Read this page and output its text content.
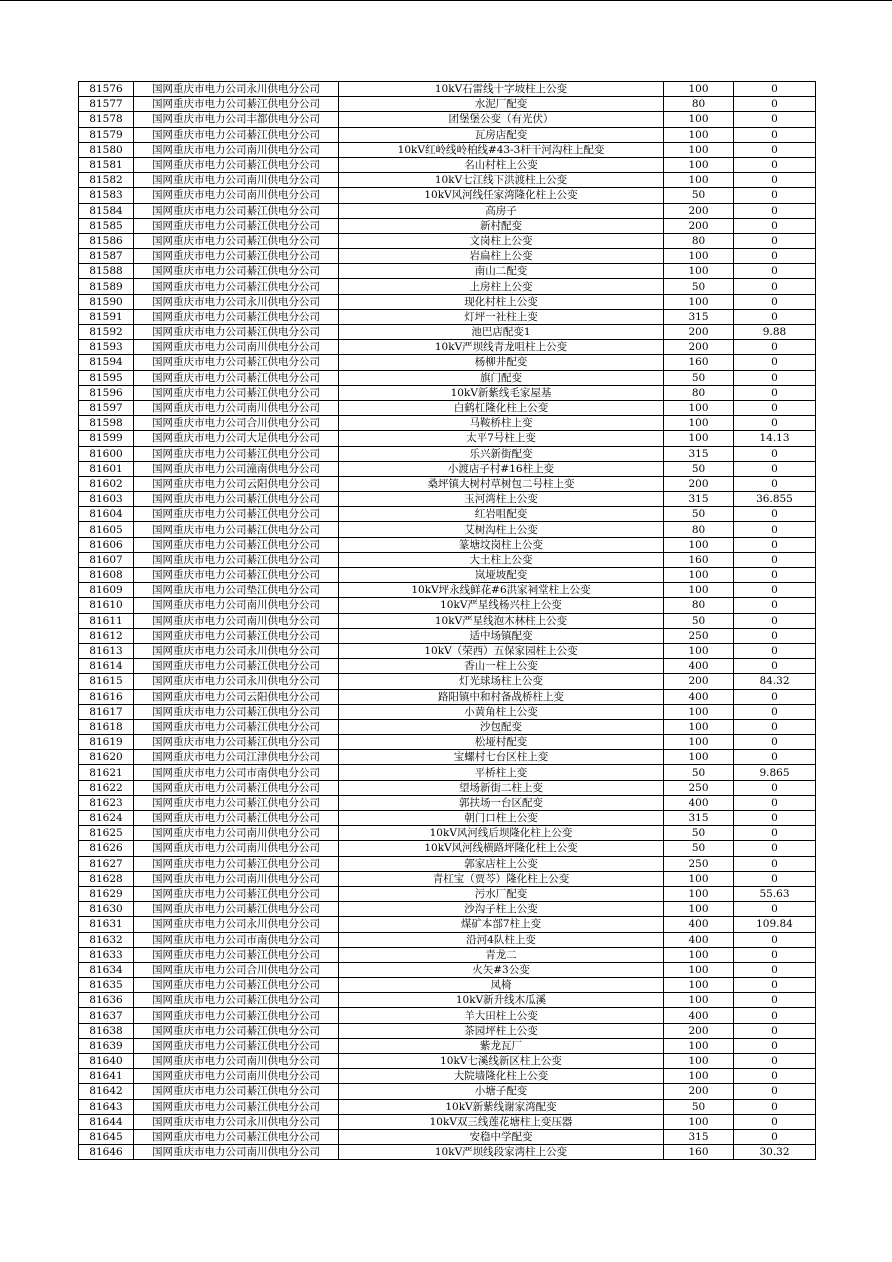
81576	国网重庆市电力公司永川供电分公司	10kV石雷线十字坡柱上公变	100	0
81577	国网重庆市电力公司綦江供电分公司	水泥厂配变	80	0
81578	国网重庆市电力公司丰都供电分公司	团堡堡公变（有光伏）	100	0
81579	国网重庆市电力公司綦江供电分公司	瓦房店配变	100	0
81580	国网重庆市电力公司南川供电分公司	10kV红岭线岭柏线#43-3杆干河沟柱上配变	100	0
81581	国网重庆市电力公司綦江供电分公司	名山村柱上公变	100	0
81582	国网重庆市电力公司南川供电分公司	10kV七江线下洪渡柱上公变	100	0
81583	国网重庆市电力公司南川供电分公司	10kV风河线任家湾隆化柱上公变	50	0
81584	国网重庆市电力公司綦江供电分公司	高房子	200	0
81585	国网重庆市电力公司綦江供电分公司	新村配变	200	0
81586	国网重庆市电力公司綦江供电分公司	文岗柱上公变	80	0
81587	国网重庆市电力公司綦江供电分公司	岩扁柱上公变	100	0
81588	国网重庆市电力公司綦江供电分公司	南山二配变	100	0
81589	国网重庆市电力公司綦江供电分公司	上房柱上公变	50	0
81590	国网重庆市电力公司永川供电分公司	现化村柱上公变	100	0
81591	国网重庆市电力公司綦江供电分公司	灯坪一社柱上变	315	0
81592	国网重庆市电力公司綦江供电分公司	池巴店配变1	200	9.88
81593	国网重庆市电力公司南川供电分公司	10kV严坝线青龙咀柱上公变	200	0
81594	国网重庆市电力公司綦江供电分公司	杨柳井配变	160	0
81595	国网重庆市电力公司綦江供电分公司	旗门配变	50	0
81596	国网重庆市电力公司綦江供电分公司	10kV新紫线毛家屋基	80	0
81597	国网重庆市电力公司南川供电分公司	白鹤杠隆化柱上公变	100	0
81598	国网重庆市电力公司合川供电分公司	马鞍桥柱上变	100	0
81599	国网重庆市电力公司大足供电分公司	太平7号柱上变	100	14.13
81600	国网重庆市电力公司綦江供电分公司	乐兴新街配变	315	0
81601	国网重庆市电力公司潼南供电分公司	小渡店子村#16柱上变	50	0
81602	国网重庆市电力公司云阳供电分公司	桑坪镇大树村草树包二号柱上变	200	0
81603	国网重庆市电力公司綦江供电分公司	玉河湾柱上公变	315	36.855
81604	国网重庆市电力公司綦江供电分公司	红岩咀配变	50	0
81605	国网重庆市电力公司綦江供电分公司	艾树沟柱上公变	80	0
81606	国网重庆市电力公司綦江供电分公司	篆塘坟岗柱上公变	100	0
81607	国网重庆市电力公司綦江供电分公司	大土柱上公变	160	0
81608	国网重庆市电力公司綦江供电分公司	岚垭坡配变	100	0
81609	国网重庆市电力公司垫江供电分公司	10kV坪永线鲜花#6洪家祠堂柱上公变	100	0
81610	国网重庆市电力公司南川供电分公司	10kV严星线杨兴柱上公变	80	0
81611	国网重庆市电力公司南川供电分公司	10kV严星线泡木林柱上公变	50	0
81612	国网重庆市电力公司綦江供电分公司	适中场镇配变	250	0
81613	国网重庆市电力公司永川供电分公司	10kV（荣西）五保家园柱上公变	100	0
81614	国网重庆市电力公司綦江供电分公司	香山一柱上公变	400	0
81615	国网重庆市电力公司永川供电分公司	灯光球场柱上公变	200	84.32
81616	国网重庆市电力公司云阳供电分公司	路阳镇中和村备战桥柱上变	400	0
81617	国网重庆市电力公司綦江供电分公司	小黄角柱上公变	100	0
81618	国网重庆市电力公司綦江供电分公司	沙包配变	100	0
81619	国网重庆市电力公司綦江供电分公司	松垭村配变	100	0
81620	国网重庆市电力公司江津供电分公司	宝螺村七台区柱上变	100	0
81621	国网重庆市电力公司市南供电分公司	平桥柱上变	50	9.865
81622	国网重庆市电力公司綦江供电分公司	望场新街二柱上变	250	0
81623	国网重庆市电力公司綦江供电分公司	郭扶场一台区配变	400	0
81624	国网重庆市电力公司綦江供电分公司	朝门口柱上公变	315	0
81625	国网重庆市电力公司南川供电分公司	10kV风河线后坝隆化柱上公变	50	0
81626	国网重庆市电力公司南川供电分公司	10kV风河线横路坪隆化柱上公变	50	0
81627	国网重庆市电力公司綦江供电分公司	郭家店柱上公变	250	0
81628	国网重庆市电力公司南川供电分公司	青杠宝（贾芩）隆化柱上公变	100	0
81629	国网重庆市电力公司綦江供电分公司	污水厂配变	100	55.63
81630	国网重庆市电力公司綦江供电分公司	沙沟子柱上公变	100	0
81631	国网重庆市电力公司永川供电分公司	煤矿本部7柱上变	400	109.84
81632	国网重庆市电力公司市南供电分公司	沿河4队柱上变	400	0
81633	国网重庆市电力公司綦江供电分公司	青龙二	100	0
81634	国网重庆市电力公司合川供电分公司	火矢#3公变	100	0
81635	国网重庆市电力公司綦江供电分公司	凤椅	100	0
81636	国网重庆市电力公司綦江供电分公司	10kV新升线木瓜溪	100	0
81637	国网重庆市电力公司綦江供电分公司	羊大田柱上公变	400	0
81638	国网重庆市电力公司綦江供电分公司	茶园坪柱上公变	200	0
81639	国网重庆市电力公司綦江供电分公司	紫龙瓦厂	100	0
81640	国网重庆市电力公司南川供电分公司	10kV七溪线新区柱上公变	100	0
81641	国网重庆市电力公司南川供电分公司	大院墙隆化柱上公变	100	0
81642	国网重庆市电力公司綦江供电分公司	小塘子配变	200	0
81643	国网重庆市电力公司綦江供电分公司	10kV新紫线谢家湾配变	50	0
81644	国网重庆市电力公司永川供电分公司	10kV双三线莲花塘柱上变压器	100	0
81645	国网重庆市电力公司綦江供电分公司	安稳中学配变	315	0
81646	国网重庆市电力公司南川供电分公司	10kV严坝线段家湾柱上公变	160	30.32
